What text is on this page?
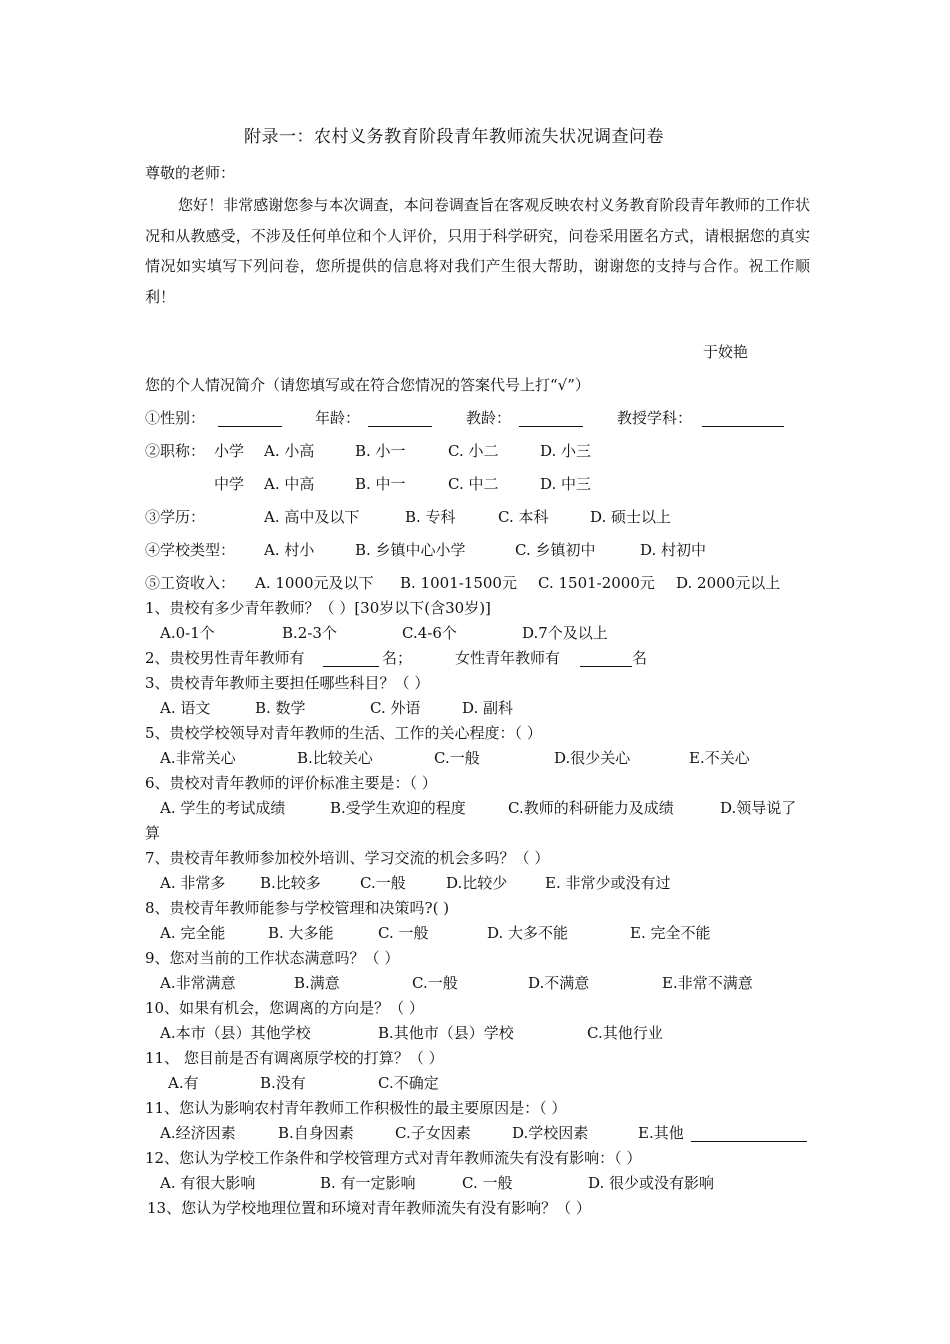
附录一：农村义务教育阶段青年教师流失状况调查问卷
尊敬的老师：
您好！非常感谢您参与本次调查，本问卷调查旨在客观反映农村义务教育阶段青年教师的工作状况和从教感受，不涉及任何单位和个人评价，只用于科学研究，问卷采用匿名方式，请根据您的真实情况如实填写下列问卷，您所提供的信息将对我们产生很大帮助，谢谢您的支持与合作。祝工作顺利！
于姣艳
您的个人情况简介（请您填写或在符合您情况的答案代号上打“√”）
①性别：	年龄：	教龄：	教授学科：
②职称： 小学 A. 小高	B. 小一	C. 小二	D. 小三
中学 A. 中高	B. 中一	C. 中二	D. 中三
③学历：	A. 高中及以下	B. 专科	C. 本科	D. 硕士以上
④学校类型： A. 村小	B. 乡镇中心小学	C. 乡镇初中	D. 村初中
⑤工资收入： A. 1000元及以下 B. 1001-1500元 C. 1501-2000元 D. 2000元以上
1、贵校有多少青年教师？（ ）[30岁以下(含30岁)]
A.0-1个	B.2-3个	C.4-6个	D.7个及以上
2、贵校男性青年教师有	名；	女性青年教师有	名
3、贵校青年教师主要担任哪些科目？（ ）
A. 语文	B. 数学	C. 外语	D. 副科
5、贵校学校领导对青年教师的生活、工作的关心程度：（ ）
A.非常关心	B.比较关心	C.一般	D.很少关心	E.不关心
6、贵校对青年教师的评价标准主要是：（ ）
A. 学生的考试成绩	B.受学生欢迎的程度	C.教师的科研能力及成绩	D.领导说了
算
7、贵校青年教师参加校外培训、学习交流的机会多吗？（ ）
A. 非常多 B.比较多	C.一般	D.比较少	E. 非常少或没有过
8、贵校青年教师能参与学校管理和决策吗?( )
A. 完全能	B. 大多能	C. 一般	D. 大多不能	E. 完全不能
9、您对当前的工作状态满意吗？（ ）
A.非常满意	B.满意	C.一般	D.不满意	E.非常不满意
10、如果有机会，您调离的方向是？（ ）
A.本市（县）其他学校	B.其他市（县）学校	C.其他行业
11、 您目前是否有调离原学校的打算？（ ）
A.有	B.没有	C.不确定
11、您认为影响农村青年教师工作积极性的最主要原因是：（ ）
A.经济因素	B.自身因素	C.子女因素	D.学校因素	E.其他
12、您认为学校工作条件和学校管理方式对青年教师流失有没有影响：（ ）
A. 有很大影响	B. 有一定影响	C. 一般	D. 很少或没有影响
13、您认为学校地理位置和环境对青年教师流失有没有影响？（ ）
